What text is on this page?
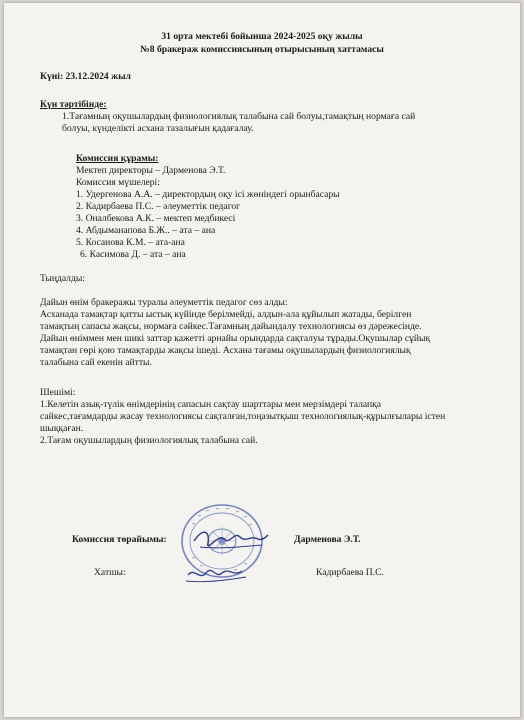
31 орта мектебі бойынша 2024-2025 оқу жылы
№8 бракераж комиссиясының отырысының хаттамасы
Күні: 23.12.2024 жыл
Күн тәртібінде:
1.Тағамның оқушылардың физиологиялық талабына сай болуы,тамақтың нормаға сай
болуы, күнделікті асхана тазалығын қадағалау.
Комиссия құрамы:
Мектеп директоры – Дарменова Э.Т.
Комиссия мүшелері:
1. Удергенова А.А. – директордың оқу ісі жөніндегі орынбасары
2. Кадирбаева П.С. – әлеуметтік педагог
3. Оналбекова А.К. – мектеп медбикесі
4. Абдыманапова Б.Ж.. – ата – ана
5. Косанова К.М. – ата-ана
6. Касимова Д. – ата – ана
Тыңдалды:
Дайын өнім бракеражы туралы әлеуметтік педагог сөз алды:
Асханада тамақтар қатты ыстық күйінде берілмейді, алдын-ала құйылып жатады, берілген
тамақтың сапасы жақсы, нормаға сәйкес.Тағамның дайындалу технологиясы өз дәрежесінде.
Дайын өніммен мен шикі заттар кажетті арнайы орындарда сақталуы тұрады.Оқушылар сұйық
тамақтан гөрі қою тамақтарды жақсы ішеді. Асхана тағамы оқушылардың физиологиялық
талабына сай екенін айтты.
Шешімі:
1.Келетін азық-түлік өнімдерінің сапасын сақтау шарттары мен мерзімдері талапқа
сайкес,тағамдарды жасау технологиясы сақталған,тоңазытқыш технологиялық-құрылғылары істен
шыққаған.
2.Тағам оқушылардың физиологиялық талабына сай.
Комиссия төрайымы:	Дарменова Э.Т.
Хатшы:	Кадирбаева П.С.
